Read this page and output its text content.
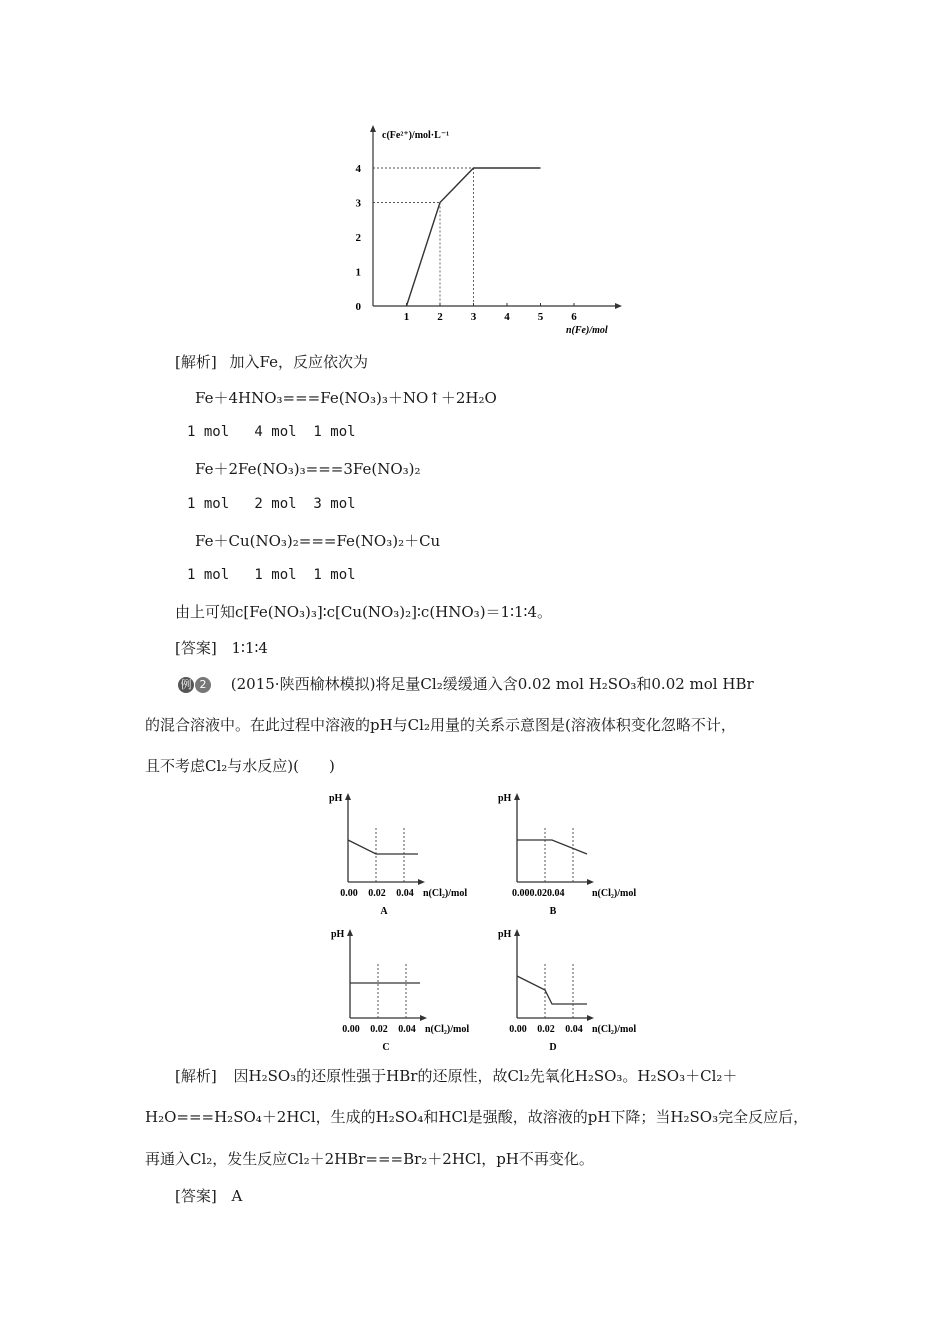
0
1
2
3
4
1	2	3	4	5	6
c(Fe²⁺)/mol·L⁻¹
n(Fe)/mol
[解析] 加入Fe，反应依次为
Fe＋4HNO₃===Fe(NO₃)₃＋NO↑＋2H₂O
1 mol   4 mol  1 mol
Fe＋2Fe(NO₃)₃===3Fe(NO₃)₂
1 mol   2 mol  3 mol
Fe＋Cu(NO₃)₂===Fe(NO₃)₂＋Cu
1 mol   1 mol  1 mol
由上可知c[Fe(NO₃)₃]∶c[Cu(NO₃)₂]∶c(HNO₃)＝1∶1∶4。
[答案] 1∶1∶4
例 2 (2015·陕西榆林模拟)将足量Cl₂缓缓通入含0.02 mol H₂SO₃和0.02 mol HBr
的混合溶液中。在此过程中溶液的pH与Cl₂用量的关系示意图是(溶液体积变化忽略不计，
且不考虑Cl₂与水反应)(　　)
pH
0.00 0.02 0.04 n(Cl₂)/mol
A
pH
0.000.020.04	n(Cl₂)/mol
B
pH
0.00 0.02 0.04 n(Cl₂)/mol
C
pH
0.00 0.02 0.04 n(Cl₂)/mol
D
[解析] 因H₂SO₃的还原性强于HBr的还原性，故Cl₂先氧化H₂SO₃。H₂SO₃＋Cl₂＋
H₂O===H₂SO₄＋2HCl，生成的H₂SO₄和HCl是强酸，故溶液的pH下降；当H₂SO₃完全反应后，
再通入Cl₂，发生反应Cl₂＋2HBr===Br₂＋2HCl，pH不再变化。
[答案] A
